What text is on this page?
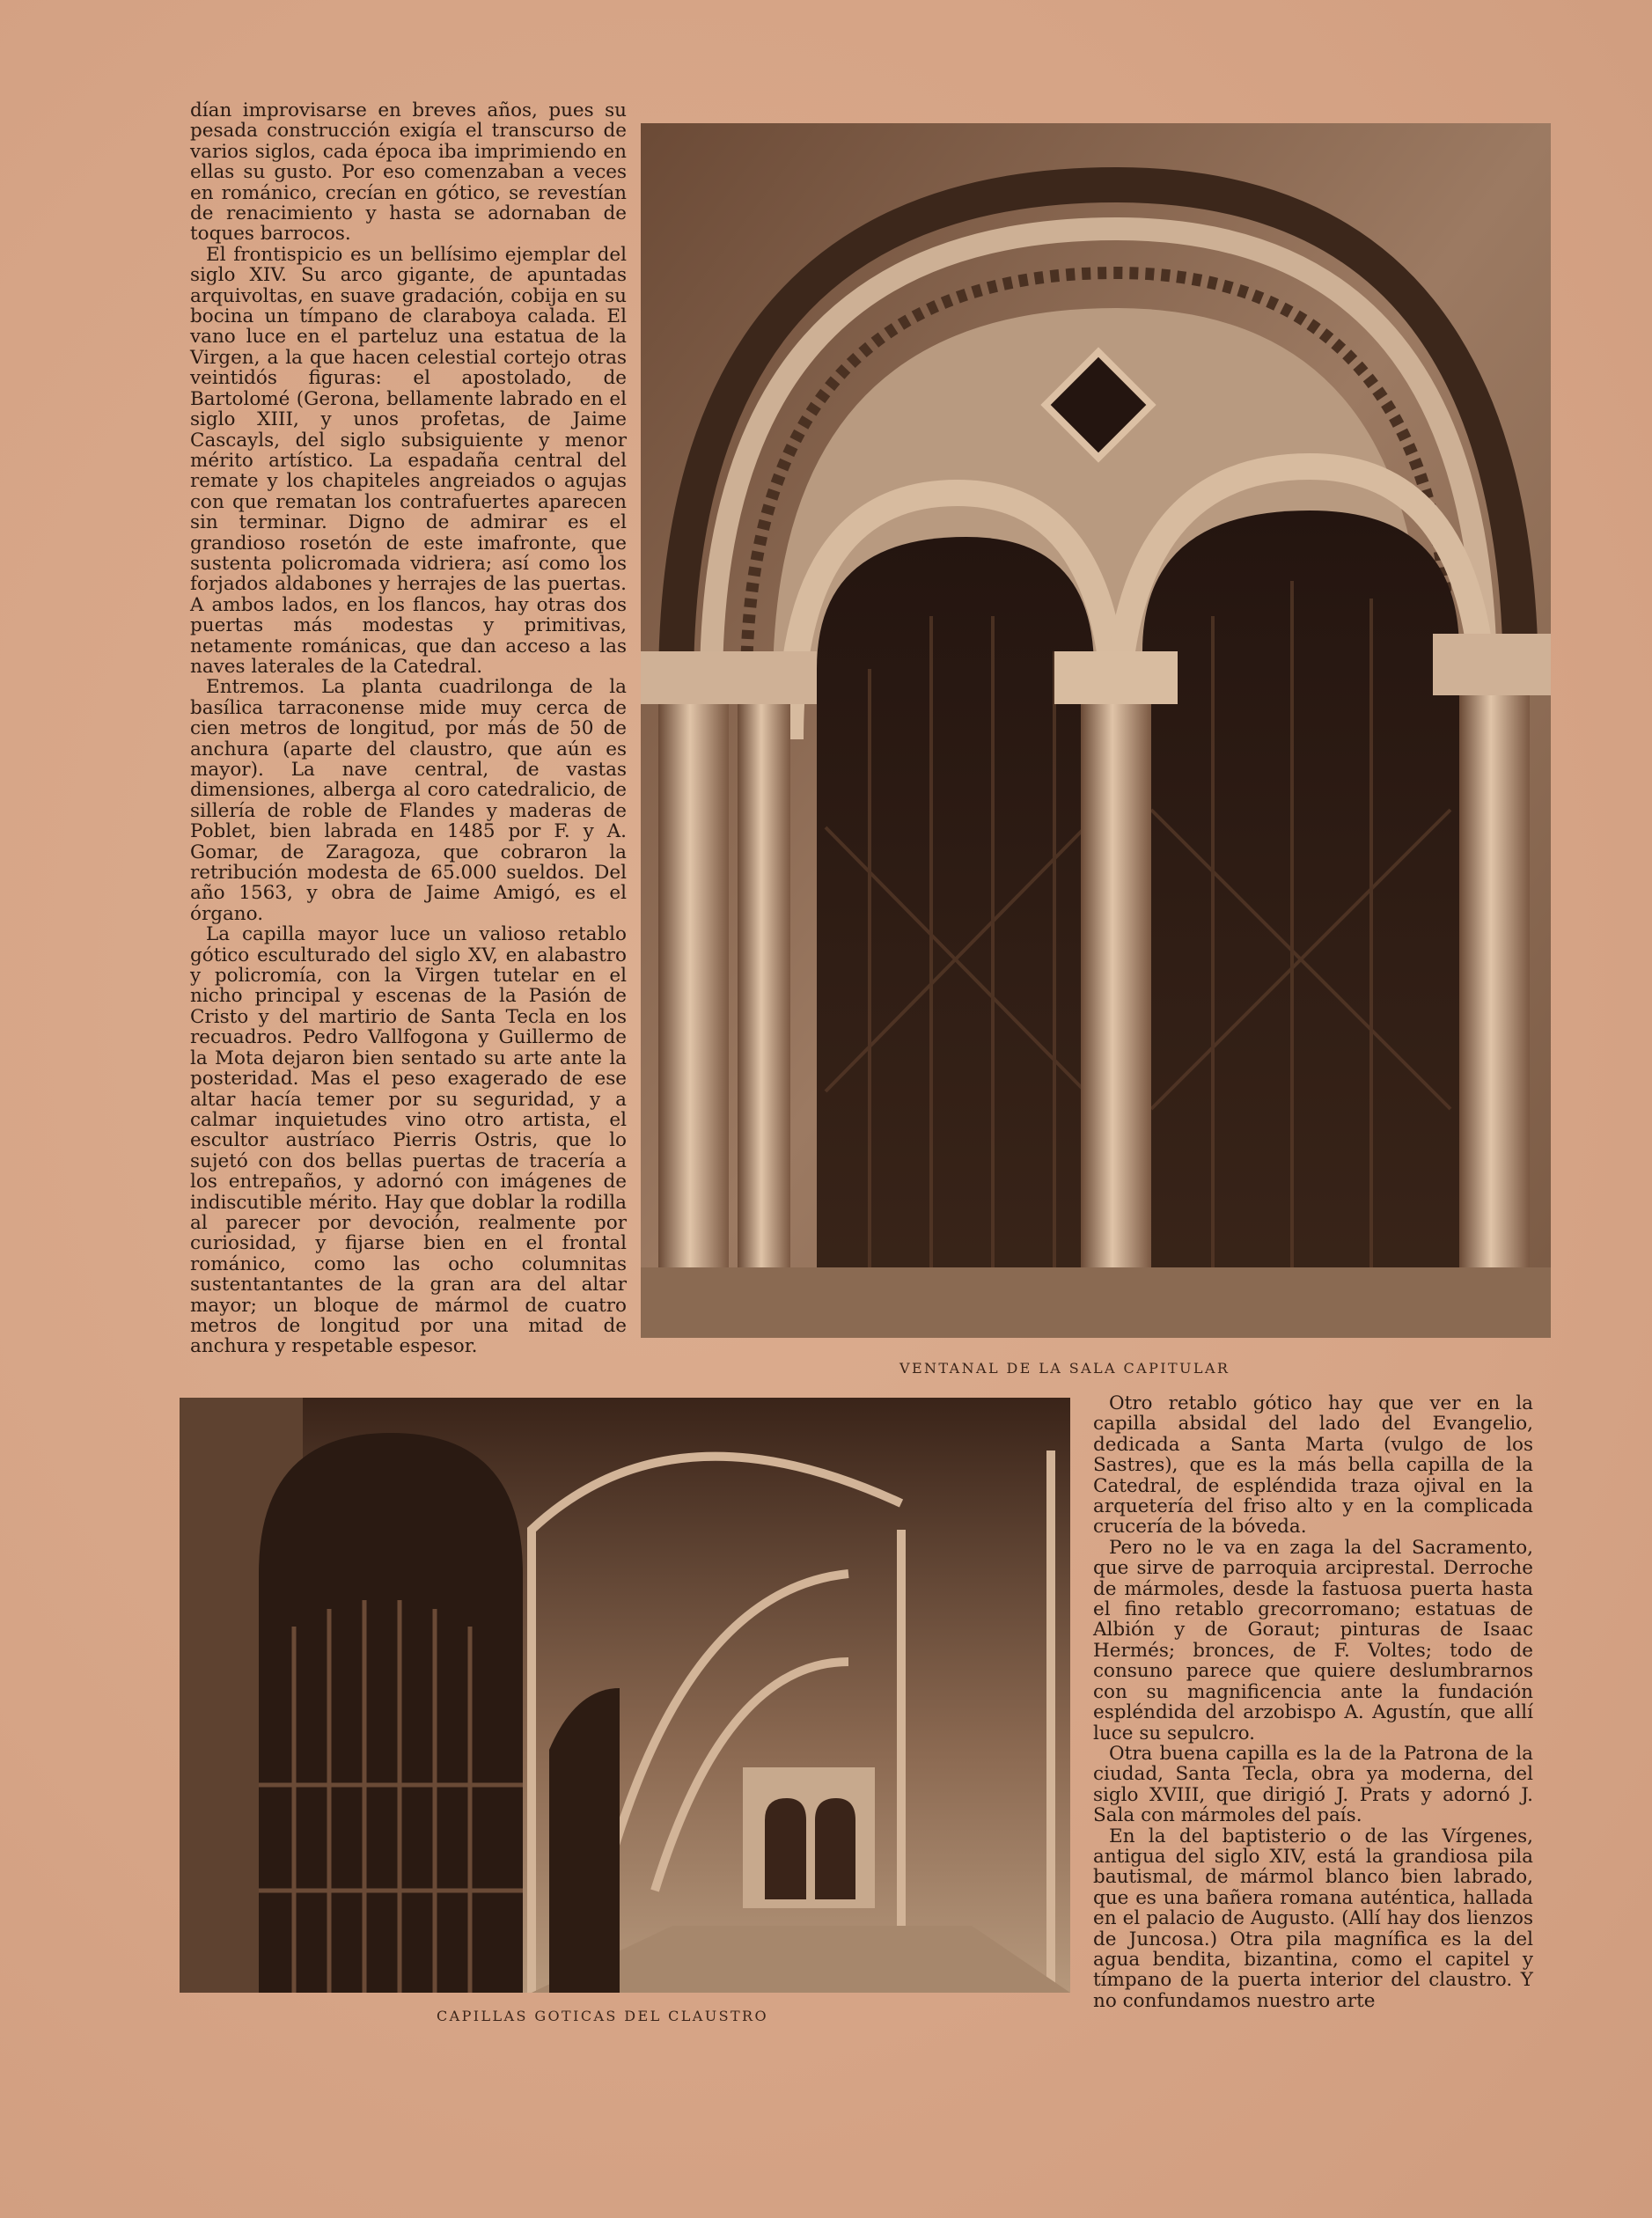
dían improvisarse en breves años, pues su pesada construcción exigía el transcurso de varios siglos, cada época iba imprimiendo en ellas su gusto. Por eso comenzaban a veces en románico, crecían en gótico, se revestían de renacimiento y hasta se adornaban de toques barrocos.

El frontispicio es un bellísimo ejemplar del siglo XIV. Su arco gigante, de apuntadas arquivoltas, en suave gradación, cobija en su bocina un tímpano de claraboya calada. El vano luce en el parteluz una estatua de la Virgen, a la que hacen celestial cortejo otras veintidós figuras: el apostolado, de Bartolomé (Gerona, bellamente labrado en el siglo XIII, y unos profetas, de Jaime Cascayls, del siglo subsiguiente y menor mérito artístico. La espadaña central del remate y los chapiteles angreiados o agujas con que rematan los contrafuertes aparecen sin terminar. Digno de admirar es el grandioso rosetón de este imafronte, que sustenta policromada vidriera; así como los forjados aldabones y herrajes de las puertas. A ambos lados, en los flancos, hay otras dos puertas más modestas y primitivas, netamente románicas, que dan acceso a las naves laterales de la Catedral.

Entremos. La planta cuadrilonga de la basílica tarraconense mide muy cerca de cien metros de longitud, por más de 50 de anchura (aparte del claustro, que aún es mayor). La nave central, de vastas dimensiones, alberga al coro catedralicio, de sillería de roble de Flandes y maderas de Poblet, bien labrada en 1485 por F. y A. Gomar, de Zaragoza, que cobraron la retribución modesta de 65.000 sueldos. Del año 1563, y obra de Jaime Amigó, es el órgano.

La capilla mayor luce un valioso retablo gótico esculturado del siglo XV, en alabastro y policromía, con la Virgen tutelar en el nicho principal y escenas de la Pasión de Cristo y del martirio de Santa Tecla en los recuadros. Pedro Vallfogona y Guillermo de la Mota dejaron bien sentado su arte ante la posteridad. Mas el peso exagerado de ese altar hacía temer por su seguridad, y a calmar inquietudes vino otro artista, el escultor austríaco Pierris Ostris, que lo sujetó con dos bellas puertas de tracería a los entrepaños, y adornó con imágenes de indiscutible mérito. Hay que doblar la rodilla al parecer por devoción, realmente por curiosidad, y fijarse bien en el frontal románico, como las ocho columnitas sustentantantes de la gran ara del altar mayor; un bloque de mármol de cuatro metros de longitud por una mitad de anchura y respetable espesor.

VENTANAL DE LA SALA CAPITULAR
CAPILLAS GOTICAS DEL CLAUSTRO

Otro retablo gótico hay que ver en la capilla absidal del lado del Evangelio, dedicada a Santa Marta (vulgo de los Sastres), que es la más bella capilla de la Catedral, de espléndida traza ojival en la arquetería del friso alto y en la complicada crucería de la bóveda.

Pero no le va en zaga la del Sacramento, que sirve de parroquia arciprestal. Derroche de mármoles, desde la fastuosa puerta hasta el fino retablo grecorromano; estatuas de Albión y de Goraut; pinturas de Isaac Hermés; bronces, de F. Voltes; todo de consuno parece que quiere deslumbrarnos con su magnificencia ante la fundación espléndida del arzobispo A. Agustín, que allí luce su sepulcro.

Otra buena capilla es la de la Patrona de la ciudad, Santa Tecla, obra ya moderna, del siglo XVIII, que dirigió J. Prats y adornó J. Sala con mármoles del país.

En la del baptisterio o de las Vírgenes, antigua del siglo XIV, está la grandiosa pila bautismal, de mármol blanco bien labrado, que es una bañera romana auténtica, hallada en el palacio de Augusto. (Allí hay dos lienzos de Juncosa.) Otra pila magnífica es la del agua bendita, bizantina, como el capitel y tímpano de la puerta interior del claustro. Y no confundamos nuestro arte
